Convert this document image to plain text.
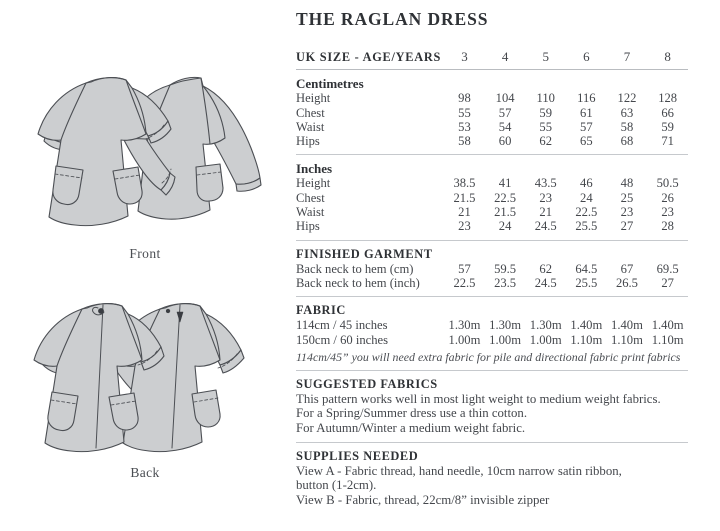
Front
Back
THE RAGLAN DRESS
UK SIZE - AGE/YEARS	3	4	5	6	7	8
Centimetres
Height	98	104	110	116	122	128
Chest	55	57	59	61	63	66
Waist	53	54	55	57	58	59
Hips	58	60	62	65	68	71
Inches
Height	38.5	41	43.5	46	48	50.5
Chest	21.5	22.5	23	24	25	26
Waist	21	21.5	21	22.5	23	23
Hips	23	24	24.5	25.5	27	28
FINISHED GARMENT
Back neck to hem (cm)	57	59.5	62	64.5	67	69.5
Back neck to hem (inch)	22.5	23.5	24.5	25.5	26.5	27
FABRIC
114cm / 45 inches	1.30m	1.30m	1.30m	1.40m	1.40m	1.40m
150cm / 60 inches	1.00m	1.00m	1.00m	1.10m	1.10m	1.10m
114cm/45” you will need extra fabric for pile and directional fabric print fabrics
SUGGESTED FABRICS
This pattern works well in most light weight to medium weight fabrics.
For a Spring/Summer dress use a thin cotton.
For Autumn/Winter a medium weight fabric.
SUPPLIES NEEDED
View A - Fabric thread, hand needle, 10cm narrow satin ribbon,
button (1-2cm).
View B - Fabric, thread, 22cm/8” invisible zipper
